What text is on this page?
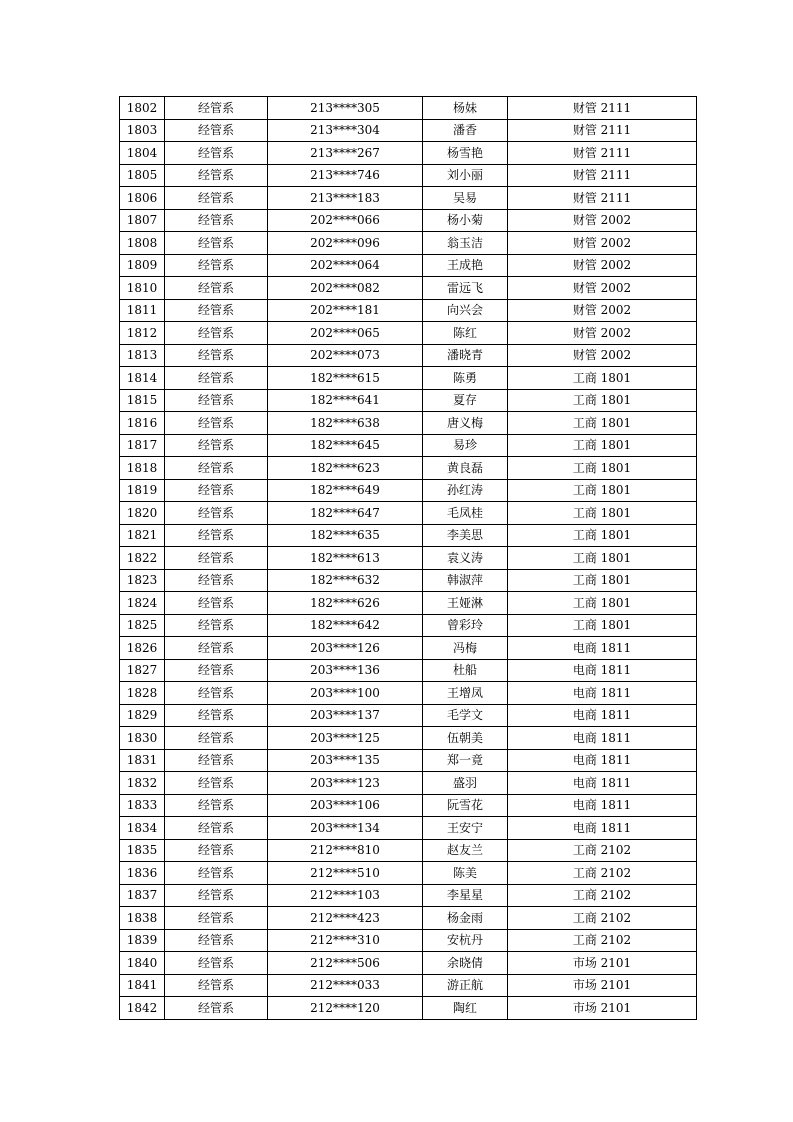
1802	经管系	213****305	杨妹	财管 2111
1803	经管系	213****304	潘香	财管 2111
1804	经管系	213****267	杨雪艳	财管 2111
1805	经管系	213****746	刘小丽	财管 2111
1806	经管系	213****183	吴易	财管 2111
1807	经管系	202****066	杨小菊	财管 2002
1808	经管系	202****096	翁玉洁	财管 2002
1809	经管系	202****064	王成艳	财管 2002
1810	经管系	202****082	雷远飞	财管 2002
1811	经管系	202****181	向兴会	财管 2002
1812	经管系	202****065	陈红	财管 2002
1813	经管系	202****073	潘晓青	财管 2002
1814	经管系	182****615	陈勇	工商 1801
1815	经管系	182****641	夏存	工商 1801
1816	经管系	182****638	唐义梅	工商 1801
1817	经管系	182****645	易珍	工商 1801
1818	经管系	182****623	黄良磊	工商 1801
1819	经管系	182****649	孙红涛	工商 1801
1820	经管系	182****647	毛凤桂	工商 1801
1821	经管系	182****635	李美思	工商 1801
1822	经管系	182****613	袁义涛	工商 1801
1823	经管系	182****632	韩淑萍	工商 1801
1824	经管系	182****626	王娅淋	工商 1801
1825	经管系	182****642	曾彩玲	工商 1801
1826	经管系	203****126	冯梅	电商 1811
1827	经管系	203****136	杜船	电商 1811
1828	经管系	203****100	王增凤	电商 1811
1829	经管系	203****137	毛学文	电商 1811
1830	经管系	203****125	伍朝美	电商 1811
1831	经管系	203****135	郑一竟	电商 1811
1832	经管系	203****123	盛羽	电商 1811
1833	经管系	203****106	阮雪花	电商 1811
1834	经管系	203****134	王安宁	电商 1811
1835	经管系	212****810	赵友兰	工商 2102
1836	经管系	212****510	陈美	工商 2102
1837	经管系	212****103	李星星	工商 2102
1838	经管系	212****423	杨金雨	工商 2102
1839	经管系	212****310	安杭丹	工商 2102
1840	经管系	212****506	余晓倩	市场 2101
1841	经管系	212****033	游正航	市场 2101
1842	经管系	212****120	陶红	市场 2101
